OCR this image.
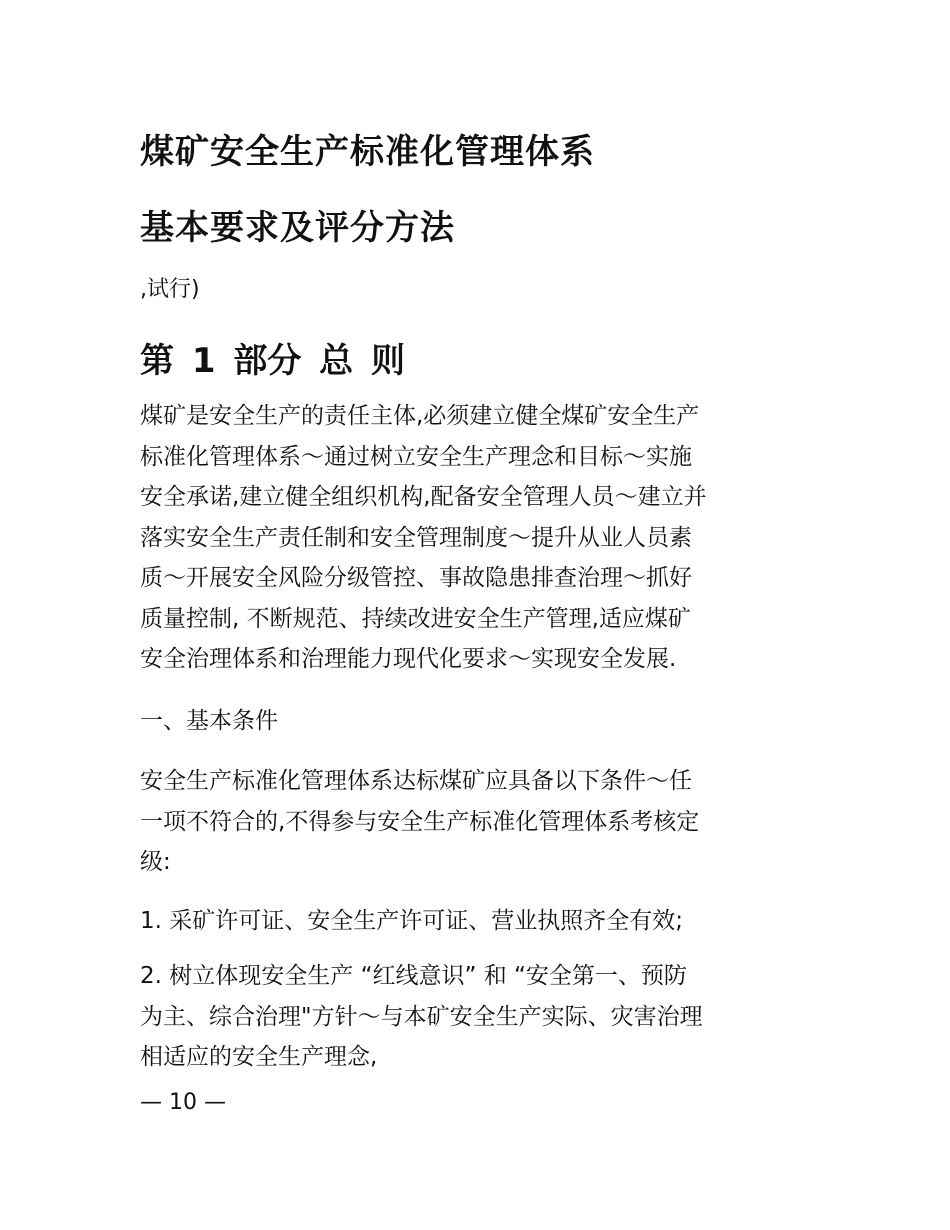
煤矿安全生产标准化管理体系
基本要求及评分方法
,试行)
第 1 部分 总 则
煤矿是安全生产的责任主体,必须建立健全煤矿安全生产
标准化管理体系～通过树立安全生产理念和目标～实施
安全承诺,建立健全组织机构,配备安全管理人员～建立并
落实安全生产责任制和安全管理制度～提升从业人员素
质～开展安全风险分级管控、事故隐患排查治理～抓好
质量控制, 不断规范、持续改进安全生产管理,适应煤矿
安全治理体系和治理能力现代化要求～实现安全发展.
一、基本条件
安全生产标准化管理体系达标煤矿应具备以下条件～任
一项不符合的,不得参与安全生产标准化管理体系考核定
级:
1. 采矿许可证、安全生产许可证、营业执照齐全有效;
2. 树立体现安全生产 “红线意识” 和 “安全第一、预防
为主、综合治理"方针～与本矿安全生产实际、灾害治理
相适应的安全生产理念,
— 10 —
